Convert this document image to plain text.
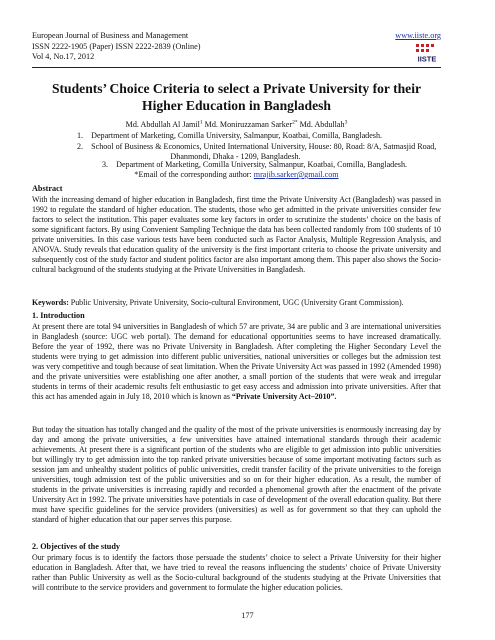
European Journal of Business and Management
ISSN 2222-1905 (Paper) ISSN 2222-2839 (Online)
Vol 4, No.17, 2012
www.iiste.org
IISTE
Students’ Choice Criteria to select a Private University for their
Higher Education in Bangladesh
Md. Abdullah Al Jamil$^1$ Md. Moniruzzaman Sarker$^{2*}$ Md. Abdullah$^3$
1. Department of Marketing, Comilla University, Salmanpur, Koatbai, Comilla, Bangladesh.
2. School of Business & Economics, United International University, House: 80, Road: 8/A, Satmasjid Road,
Dhanmondi, Dhaka - 1209, Bangladesh.
3. Department of Marketing, Comilla University, Salmanpur, Koatbai, Comilla, Bangladesh.
*Email of the corresponding author: mrajib.sarker@gmail.com
Abstract
With the increasing demand of higher education in Bangladesh, first time the Private University Act (Bangladesh) was passed in 1992 to regulate the standard of higher education. The students, those who get admitted in the private universities consider few factors to select the institution. This paper evaluates some key factors in order to scrutinize the students’ choice on the basis of some significant factors. By using Convenient Sampling Technique the data has been collected randomly from 100 students of 10 private universities. In this case various tests have been conducted such as Factor Analysis, Multiple Regression Analysis, and ANOVA. Study reveals that education quality of the university is the first important criteria to choose the private university and subsequently cost of the study factor and student politics factor are also important among them. This paper also shows the Socio-cultural background of the students studying at the Private Universities in Bangladesh.
Keywords: Public University, Private University, Socio-cultural Environment, UGC (University Grant Commission).
1. Introduction
At present there are total 94 universities in Bangladesh of which 57 are private, 34 are public and 3 are international universities in Bangladesh (source: UGC web portal). The demand for educational opportunities seems to have increased dramatically. Before the year of 1992, there was no Private University in Bangladesh. After completing the Higher Secondary Level the students were trying to get admission into different public universities, national universities or colleges but the admission test was very competitive and tough because of seat limitation. When the Private University Act was passed in 1992 (Amended 1998) and the private universities were establishing one after another, a small portion of the students that were weak and irregular students in terms of their academic results felt enthusiastic to get easy access and admission into private universities. After that this act has amended again in July 18, 2010 which is known as “Private University Act–2010”.
But today the situation has totally changed and the quality of the most of the private universities is enormously increasing day by day and among the private universities, a few universities have attained international standards through their academic achievements. At present there is a significant portion of the students who are eligible to get admission into public universities but willingly try to get admission into the top ranked private universities because of some important motivating factors such as session jam and unhealthy student politics of public universities, credit transfer facility of the private universities to the foreign universities, tough admission test of the public universities and so on for their higher education. As a result, the number of students in the private universities is increasing rapidly and recorded a phenomenal growth after the enactment of the private University Act in 1992. The private universities have potentials in case of development of the overall education quality. But there must have specific guidelines for the service providers (universities) as well as for government so that they can uphold the standard of higher education that our paper serves this purpose.
2. Objectives of the study
Our primary focus is to identify the factors those persuade the students’ choice to select a Private University for their higher education in Bangladesh. After that, we have tried to reveal the reasons influencing the students’ choice of Private University rather than Public University as well as the Socio-cultural background of the students studying at the Private Universities that will contribute to the service providers and government to formulate the higher education policies.
177
